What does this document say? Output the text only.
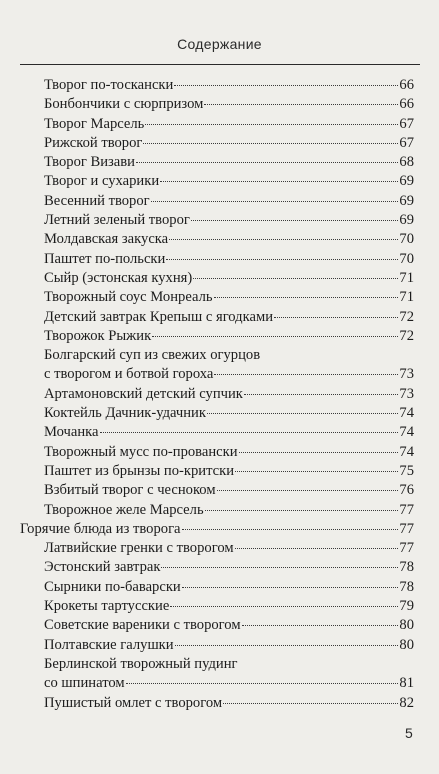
Содержание
Творог по-тоскански	66
Бонбончики с сюрпризом	66
Творог Марсель	67
Рижской творог	67
Творог Визави	68
Творог и сухарики	69
Весенний творог	69
Летний зеленый творог	69
Молдавская закуска	70
Паштет по-польски	70
Сыйр (эстонская кухня)	71
Творожный соус Монреаль	71
Детский завтрак Крепыш с ягодками	72
Творожок Рыжик	72
Болгарский суп из свежих огурцов
с творогом и ботвой гороха	73
Артамоновский детский супчик	73
Коктейль Дачник-удачник	74
Мочанка	74
Творожный мусс по-провански	74
Паштет из брынзы по-критски	75
Взбитый творог с чесноком	76
Творожное желе Марсель	77
Горячие блюда из творога	77
Латвийские гренки с творогом	77
Эстонский завтрак	78
Сырники по-баварски	78
Крокеты тартусские	79
Советские вареники с творогом	80
Полтавские галушки	80
Берлинской творожный пудинг
со шпинатом	81
Пушистый омлет с творогом	82
5
